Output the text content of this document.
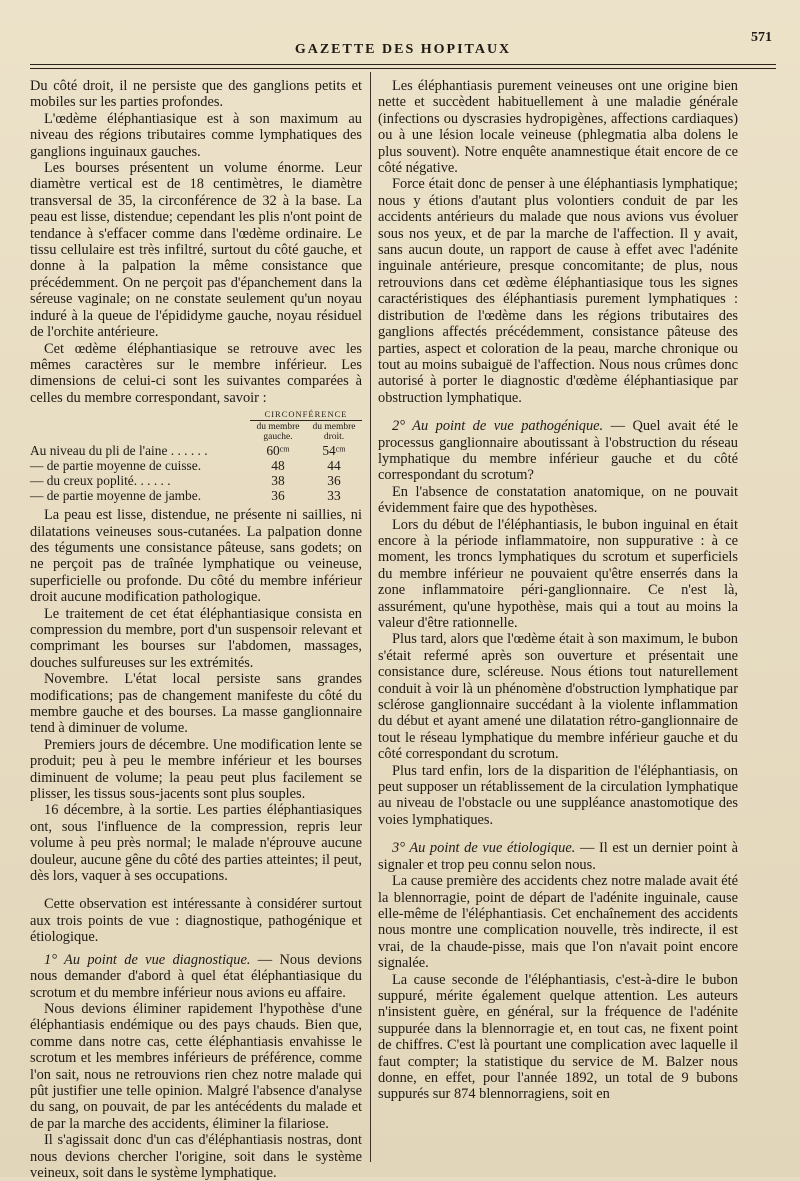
GAZETTE DES HOPITAUX
571

Du côté droit, il ne persiste que des ganglions petits et mobiles sur les parties profondes.

L'œdème éléphantiasique est à son maximum au niveau des régions tributaires comme lymphatiques des ganglions inguinaux gauches.

Les bourses présentent un volume énorme. Leur diamètre vertical est de 18 centimètres, le diamètre transversal de 35, la circonférence de 32 à la base. La peau est lisse, distendue; cependant les plis n'ont point de tendance à s'effacer comme dans l'œdème ordinaire. Le tissu cellulaire est très infiltré, surtout du côté gauche, et donne à la palpation la même consistance que précédemment. On ne perçoit pas d'épanchement dans la séreuse vaginale; on ne constate seulement qu'un noyau induré à la queue de l'épididyme gauche, noyau résiduel de l'orchite antérieure.

Cet œdème éléphantiasique se retrouve avec les mêmes caractères sur le membre inférieur. Les dimensions de celui-ci sont les suivantes comparées à celles du membre correspondant, savoir :

	CIRCONFÉRENCE	
	du membre gauche.	du membre droit.
Au niveau du pli de l'aine . . . . . .	60ᶜᵐ	54ᶜᵐ
— de partie moyenne de cuisse.	48	44
— du creux poplité. . . . . .	38	36
— de partie moyenne de jambe.	36	33

La peau est lisse, distendue, ne présente ni saillies, ni dilatations veineuses sous-cutanées. La palpation donne des téguments une consistance pâteuse, sans godets; on ne perçoit pas de traînée lymphatique ou veineuse, superficielle ou profonde. Du côté du membre inférieur droit aucune modification pathologique.

Le traitement de cet état éléphantiasique consista en compression du membre, port d'un suspensoir relevant et comprimant les bourses sur l'abdomen, massages, douches sulfureuses sur les extrémités.

Novembre. L'état local persiste sans grandes modifications; pas de changement manifeste du côté du membre gauche et des bourses. La masse ganglionnaire tend à diminuer de volume.

Premiers jours de décembre. Une modification lente se produit; peu à peu le membre inférieur et les bourses diminuent de volume; la peau peut plus facilement se plisser, les tissus sous-jacents sont plus souples.

16 décembre, à la sortie. Les parties éléphantiasiques ont, sous l'influence de la compression, repris leur volume à peu près normal; le malade n'éprouve aucune douleur, aucune gêne du côté des parties atteintes; il peut, dès lors, vaquer à ses occupations.

Cette observation est intéressante à considérer surtout aux trois points de vue : diagnostique, pathogénique et étiologique.

1° Au point de vue diagnostique. — Nous devions nous demander d'abord à quel état éléphantiasique du scrotum et du membre inférieur nous avions eu affaire.

Nous devions éliminer rapidement l'hypothèse d'une éléphantiasis endémique ou des pays chauds. Bien que, comme dans notre cas, cette éléphantiasis envahisse le scrotum et les membres inférieurs de préférence, comme l'on sait, nous ne retrouvions rien chez notre malade qui pût justifier une telle opinion. Malgré l'absence d'analyse du sang, on pouvait, de par les antécédents du malade et de par la marche des accidents, éliminer la filariose.

Il s'agissait donc d'un cas d'éléphantiasis nostras, dont nous devions chercher l'origine, soit dans le système veineux, soit dans le système lymphatique.

Les éléphantiasis purement veineuses ont une origine bien nette et succèdent habituellement à une maladie générale (infections ou dyscrasies hydropigènes, affections cardiaques) ou à une lésion locale veineuse (phlegmatia alba dolens le plus souvent). Notre enquête anamnestique était encore de ce côté négative.

Force était donc de penser à une éléphantiasis lymphatique; nous y étions d'autant plus volontiers conduit de par les accidents antérieurs du malade que nous avions vus évoluer sous nos yeux, et de par la marche de l'affection. Il y avait, sans aucun doute, un rapport de cause à effet avec l'adénite inguinale antérieure, presque concomitante; de plus, nous retrouvions dans cet œdème éléphantiasique tous les signes caractéristiques des éléphantiasis purement lymphatiques : distribution de l'œdème dans les régions tributaires des ganglions affectés précédemment, consistance pâteuse des parties, aspect et coloration de la peau, marche chronique ou tout au moins subaiguë de l'affection. Nous nous crûmes donc autorisé à porter le diagnostic d'œdème éléphantiasique par obstruction lymphatique.

2° Au point de vue pathogénique. — Quel avait été le processus ganglionnaire aboutissant à l'obstruction du réseau lymphatique du membre inférieur gauche et du côté correspondant du scrotum?

En l'absence de constatation anatomique, on ne pouvait évidemment faire que des hypothèses.

Lors du début de l'éléphantiasis, le bubon inguinal en était encore à la période inflammatoire, non suppurative : à ce moment, les troncs lymphatiques du scrotum et superficiels du membre inférieur ne pouvaient qu'être enserrés dans la zone inflammatoire péri-ganglionnaire. Ce n'est là, assurément, qu'une hypothèse, mais qui a tout au moins la valeur d'être rationnelle.

Plus tard, alors que l'œdème était à son maximum, le bubon s'était refermé après son ouverture et présentait une consistance dure, scléreuse. Nous étions tout naturellement conduit à voir là un phénomène d'obstruction lymphatique par sclérose ganglionnaire succédant à la violente inflammation du début et ayant amené une dilatation rétro-ganglionnaire de tout le réseau lymphatique du membre inférieur gauche et du côté correspondant du scrotum.

Plus tard enfin, lors de la disparition de l'éléphantiasis, on peut supposer un rétablissement de la circulation lymphatique au niveau de l'obstacle ou une suppléance anastomotique des voies lymphatiques.

3° Au point de vue étiologique. — Il est un dernier point à signaler et trop peu connu selon nous.

La cause première des accidents chez notre malade avait été la blennorragie, point de départ de l'adénite inguinale, cause elle-même de l'éléphantiasis. Cet enchaînement des accidents nous montre une complication nouvelle, très indirecte, il est vrai, de la chaude-pisse, mais que l'on n'avait point encore signalée.

La cause seconde de l'éléphantiasis, c'est-à-dire le bubon suppuré, mérite également quelque attention. Les auteurs n'insistent guère, en général, sur la fréquence de l'adénite suppurée dans la blennorragie et, en tout cas, ne fixent point de chiffres. C'est là pourtant une complication avec laquelle il faut compter; la statistique du service de M. Balzer nous donne, en effet, pour l'année 1892, un total de 9 bubons suppurés sur 874 blennorragiens, soit en
